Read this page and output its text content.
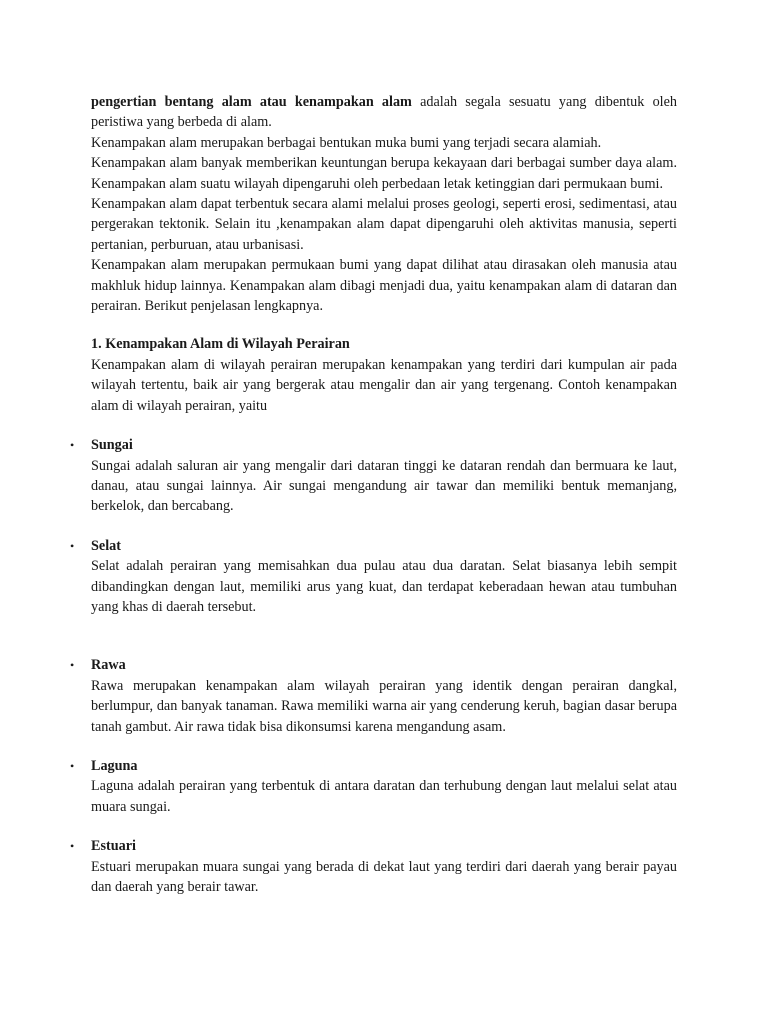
pengertian bentang alam atau kenampakan alam adalah segala sesuatu yang dibentuk oleh peristiwa yang berbeda di alam.

Kenampakan alam merupakan berbagai bentukan muka bumi yang terjadi secara alamiah.

Kenampakan alam banyak memberikan keuntungan berupa kekayaan dari berbagai sumber daya alam. Kenampakan alam suatu wilayah dipengaruhi oleh perbedaan letak ketinggian dari permukaan bumi.

Kenampakan alam dapat terbentuk secara alami melalui proses geologi, seperti erosi, sedimentasi, atau pergerakan tektonik. Selain itu ,kenampakan alam dapat dipengaruhi oleh aktivitas manusia, seperti pertanian, perburuan, atau urbanisasi.

Kenampakan alam merupakan permukaan bumi yang dapat dilihat atau dirasakan oleh manusia atau makhluk hidup lainnya. Kenampakan alam dibagi menjadi dua, yaitu kenampakan alam di dataran dan perairan. Berikut penjelasan lengkapnya.

1. Kenampakan Alam di Wilayah Perairan

Kenampakan alam di wilayah perairan merupakan kenampakan yang terdiri dari kumpulan air pada wilayah tertentu, baik air yang bergerak atau mengalir dan air yang tergenang. Contoh kenampakan alam di wilayah perairan, yaitu

• Sungai

Sungai adalah saluran air yang mengalir dari dataran tinggi ke dataran rendah dan bermuara ke laut, danau, atau sungai lainnya. Air sungai mengandung air tawar dan memiliki bentuk memanjang, berkelok, dan bercabang.

• Selat

Selat adalah perairan yang memisahkan dua pulau atau dua daratan. Selat biasanya lebih sempit dibandingkan dengan laut, memiliki arus yang kuat, dan terdapat keberadaan hewan atau tumbuhan yang khas di daerah tersebut.

• Rawa

Rawa merupakan kenampakan alam wilayah perairan yang identik dengan perairan dangkal, berlumpur, dan banyak tanaman. Rawa memiliki warna air yang cenderung keruh, bagian dasar berupa tanah gambut. Air rawa tidak bisa dikonsumsi karena mengandung asam.

• Laguna

Laguna adalah perairan yang terbentuk di antara daratan dan terhubung dengan laut melalui selat atau muara sungai.

• Estuari

Estuari merupakan muara sungai yang berada di dekat laut yang terdiri dari daerah yang berair payau dan daerah yang berair tawar.
